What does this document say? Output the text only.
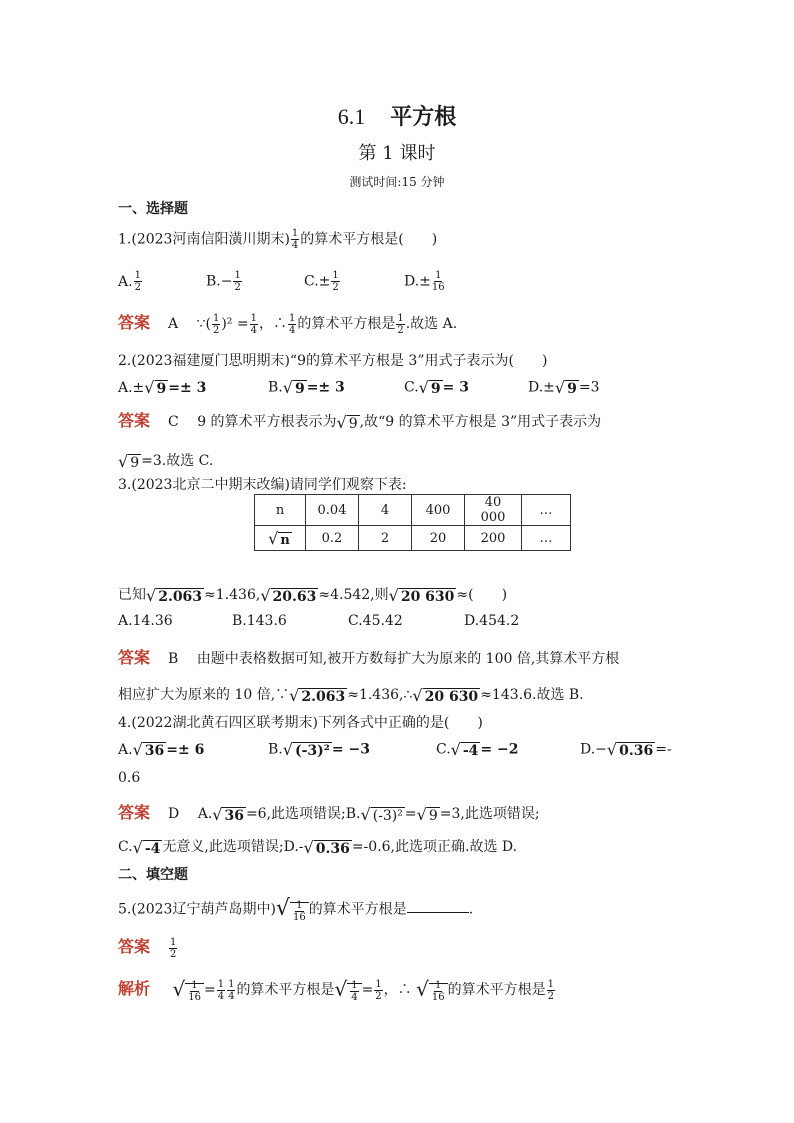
6.1 平方根
第 1 课时
测试时间:15 分钟
一、选择题
1.(2023河南信阳潢川期末) $\frac{1}{4}$ 的算术平方根是(　　)
A. $\frac{1}{2}$	$B.- \frac{1}{2}$	$C.\pm \frac{1}{2}$	$D.\pm \frac{1}{16}$
答案 A ∵( $\frac{1}{2} )^2 = \frac{1}{4}$ ，∴ $\frac{1}{4}$ 的算术平方根是 $\frac{1}{2}$ .故选 A.
2.(2023福建厦门思明期末)“9的算术平方根是 3”用式子表示为(　　)
A.±√ 9 =± 3	B.√ 9 =± 3	C.√ 9 = 3	D.±√ 9 =3
答案 C 9 的算术平方根表示为√ 9 ,故“9 的算术平方根是 3”用式子表示为
√ 9 =3.故选 C.
3.(2023北京二中期末改编)请同学们观察下表:
n	0.04	4	400	40 000	…
√ n	0.2	2	20	200	…
已知√ 2.063 ≈1.436,√ 20.63 ≈4.542,则√ 20 630 ≈(　　)
A.14.36	B.143.6	C.45.42	D.454.2
答案 B 由题中表格数据可知,被开方数每扩大为原来的 100 倍,其算术平方根
相应扩大为原来的 10 倍,∵√ 2.063 ≈1.436,∴√ 20 630 ≈143.6.故选 B.
4.(2022湖北黄石四区联考期末)下列各式中正确的是(　　)
A.√ 36 =± 6	B.√ (-3)² = −3	C.√ -4 = −2	D.−√ 0.36 =-
0.6
答案 D A.√ 36 =6,此选项错误;B.√ (-3)² =√ 9 =3,此选项错误;
C.√ -4 无意义,此选项错误;D.-√ 0.36 =-0.6,此选项正确.故选 D.
二、填空题
5.(2023辽宁葫芦岛期中)√ $\frac{1}{16}$ 的算术平方根是	.
答案 $\frac{1}{2}$
解析 √ $\frac{1}{16} = \frac{1}{4} \frac{1}{4}$ 的算术平方根是√ $\frac{1}{4} = \frac{1}{2}$ ，∴ √ $\frac{1}{16}$ 的算术平方根是 $\frac{1}{2}$
